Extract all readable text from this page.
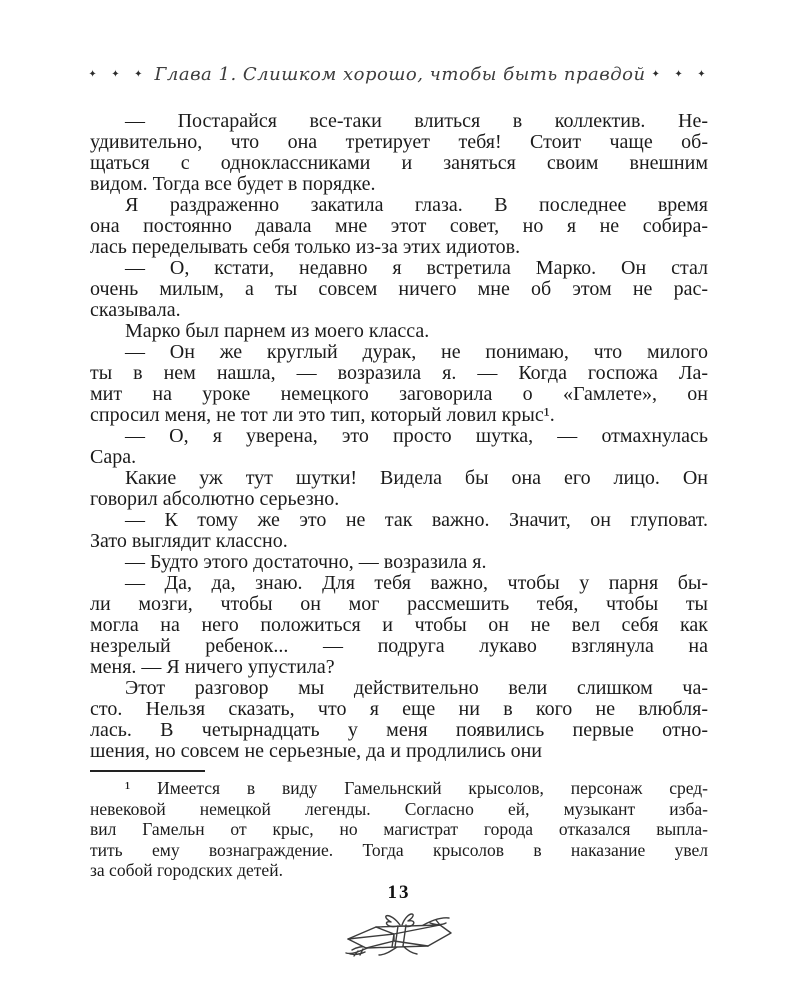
✦ ✦ ✦ Глава 1. Слишком хорошо, чтобы быть правдой ✦ ✦ ✦
— Постарайся все-таки влиться в коллектив. Не-
удивительно, что она третирует тебя! Стоит чаще об-
щаться с одноклассниками и заняться своим внешним
видом. Тогда все будет в порядке.
Я раздраженно закатила глаза. В последнее время
она постоянно давала мне этот совет, но я не собира-
лась переделывать себя только из-за этих идиотов.
— О, кстати, недавно я встретила Марко. Он стал
очень милым, а ты совсем ничего мне об этом не рас-
сказывала.
Марко был парнем из моего класса.
— Он же круглый дурак, не понимаю, что милого
ты в нем нашла, — возразила я. — Когда госпожа Ла-
мит на уроке немецкого заговорила о «Гамлете», он
спросил меня, не тот ли это тип, который ловил крыс¹.
— О, я уверена, это просто шутка, — отмахнулась
Сара.
Какие уж тут шутки! Видела бы она его лицо. Он
говорил абсолютно серьезно.
— К тому же это не так важно. Значит, он глуповат.
Зато выглядит классно.
— Будто этого достаточно, — возразила я.
— Да, да, знаю. Для тебя важно, чтобы у парня бы-
ли мозги, чтобы он мог рассмешить тебя, чтобы ты
могла на него положиться и чтобы он не вел себя как
незрелый ребенок... — подруга лукаво взглянула на
меня. — Я ничего упустила?
Этот разговор мы действительно вели слишком ча-
сто. Нельзя сказать, что я еще ни в кого не влюбля-
лась. В четырнадцать у меня появились первые отно-
шения, но совсем не серьезные, да и продлились они
¹ Имеется в виду Гамельнский крысолов, персонаж сред-
невековой немецкой легенды. Согласно ей, музыкант изба-
вил Гамельн от крыс, но магистрат города отказался выпла-
тить ему вознаграждение. Тогда крысолов в наказание увел
за собой городских детей.
13
